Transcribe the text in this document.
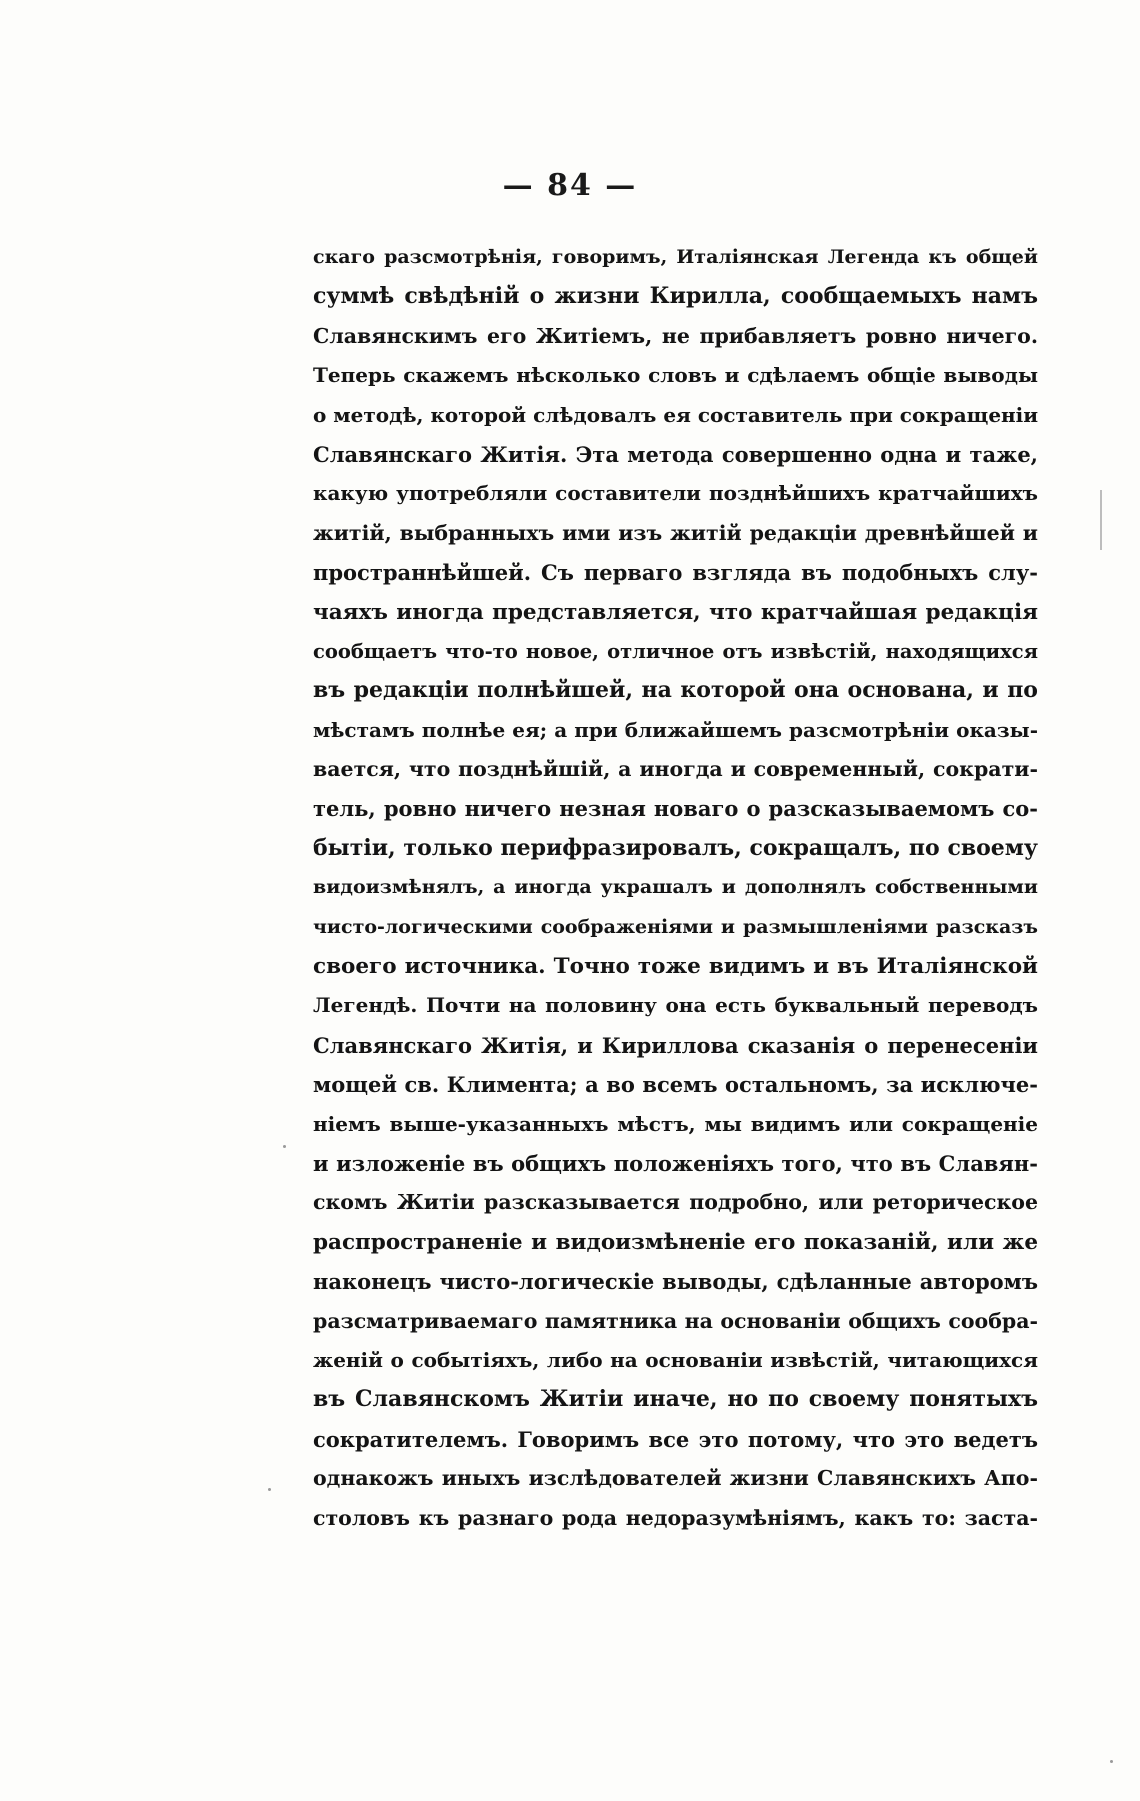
— 84 —
скаго разсмотрѣнія, говоримъ, Италіянская Легенда къ общей
суммѣ свѣдѣній о жизни Кирилла, сообщаемыхъ намъ
Славянскимъ его Житіемъ, не прибавляетъ ровно ничего.
Теперь скажемъ нѣсколько словъ и сдѣлаемъ общіе выводы
о методѣ, которой слѣдовалъ ея составитель при сокращеніи
Славянскаго Житія. Эта метода совершенно одна и таже,
какую употребляли составители позднѣйшихъ кратчайшихъ
житій, выбранныхъ ими изъ житій редакціи древнѣйшей и
пространнѣйшей. Съ перваго взгляда въ подобныхъ слу-
чаяхъ иногда представляется, что кратчайшая редакція
сообщаетъ что-то новое, отличное отъ извѣстій, находящихся
въ редакціи полнѣйшей, на которой она основана, и по
мѣстамъ полнѣе ея; а при ближайшемъ разсмотрѣніи оказы-
вается, что позднѣйшій, а иногда и современный, сократи-
тель, ровно ничего незная новаго о разсказываемомъ со-
бытіи, только перифразировалъ, сокращалъ, по своему
видоизмѣнялъ, а иногда украшалъ и дополнялъ собственными
чисто-логическими соображеніями и размышленіями разсказъ
своего источника. Точно тоже видимъ и въ Италіянской
Легендѣ. Почти на половину она есть буквальный переводъ
Славянскаго Житія, и Кириллова сказанія о перенесеніи
мощей св. Климента; а во всемъ остальномъ, за исключе-
ніемъ выше-указанныхъ мѣстъ, мы видимъ или сокращеніе
и изложеніе въ общихъ положеніяхъ того, что въ Славян-
скомъ Житіи разсказывается подробно, или реторическое
распространеніе и видоизмѣненіе его показаній, или же
наконецъ чисто-логическіе выводы, сдѣланные авторомъ
разсматриваемаго памятника на основаніи общихъ сообра-
женій о событіяхъ, либо на основаніи извѣстій, читающихся
въ Славянскомъ Житіи иначе, но по своему понятыхъ
сократителемъ. Говоримъ все это потому, что это ведетъ
однакожъ иныхъ изслѣдователей жизни Славянскихъ Апо-
столовъ къ разнаго рода недоразумѣніямъ, какъ то: заста-
